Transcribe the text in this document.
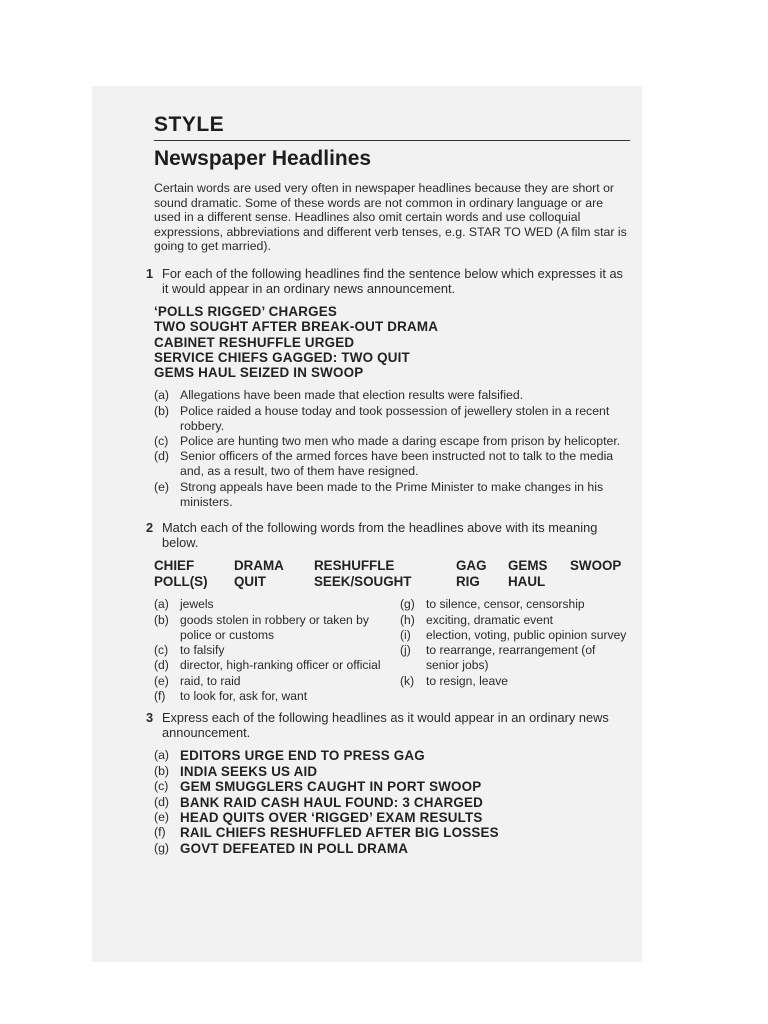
STYLE
Newspaper Headlines

Certain words are used very often in newspaper headlines because they are short or sound dramatic. Some of these words are not common in ordinary language or are used in a different sense. Headlines also omit certain words and use colloquial expressions, abbreviations and different verb tenses, e.g. STAR TO WED (A film star is going to get married).

1 For each of the following headlines find the sentence below which expresses it as it would appear in an ordinary news announcement.
‘POLLS RIGGED’ CHARGES
TWO SOUGHT AFTER BREAK-OUT DRAMA
CABINET RESHUFFLE URGED
SERVICE CHIEFS GAGGED: TWO QUIT
GEMS HAUL SEIZED IN SWOOP
(a) Allegations have been made that election results were falsified.
(b) Police raided a house today and took possession of jewellery stolen in a recent robbery.
(c) Police are hunting two men who made a daring escape from prison by helicopter.
(d) Senior officers of the armed forces have been instructed not to talk to the media and, as a result, two of them have resigned.
(e) Strong appeals have been made to the Prime Minister to make changes in his ministers.
2 Match each of the following words from the headlines above with its meaning below.
CHIEF	DRAMA	RESHUFFLE	GAG	GEMS	SWOOP
POLL(S)	QUIT	SEEK/SOUGHT	RIG	HAUL
(a) jewels
(b) goods stolen in robbery or taken by police or customs
(c) to falsify
(d) director, high-ranking officer or official
(e) raid, to raid
(f)	to look for, ask for, want
(g) to silence, censor, censorship
(h) exciting, dramatic event
(i)	election, voting, public opinion survey
(j)	to rearrange, rearrangement (of senior jobs)
(k) to resign, leave
3 Express each of the following headlines as it would appear in an ordinary news announcement.
(a) EDITORS URGE END TO PRESS GAG
(b) INDIA SEEKS US AID
(c) GEM SMUGGLERS CAUGHT IN PORT SWOOP
(d) BANK RAID CASH HAUL FOUND: 3 CHARGED
(e) HEAD QUITS OVER ‘RIGGED’ EXAM RESULTS
(f)	RAIL CHIEFS RESHUFFLED AFTER BIG LOSSES
(g) GOVT DEFEATED IN POLL DRAMA
